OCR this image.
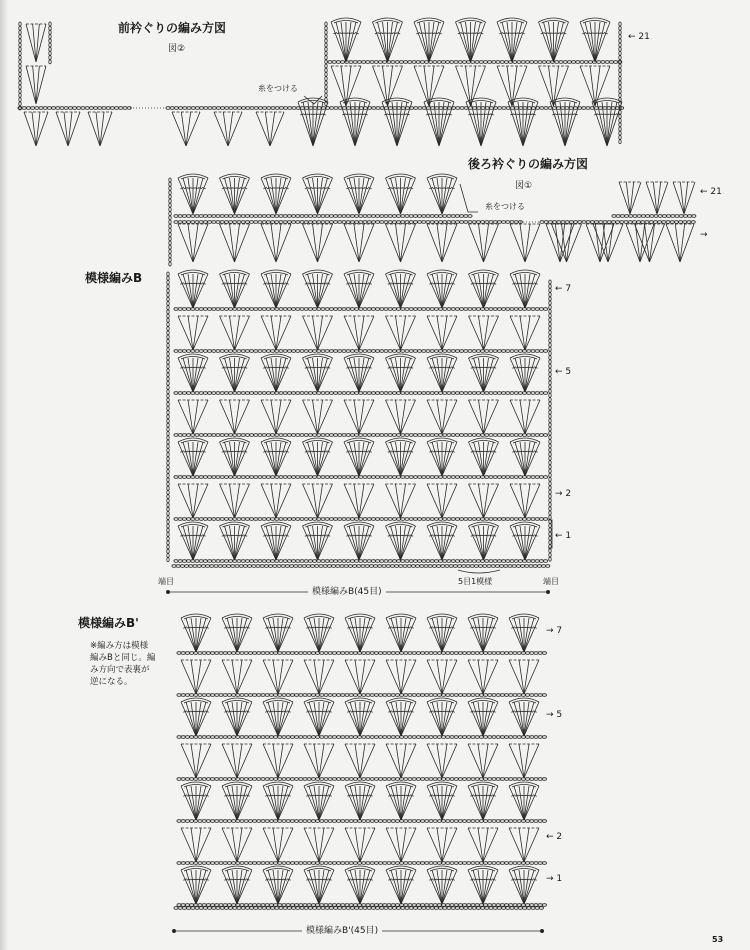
前衿ぐりの編み方図
図②
糸をつける
← 21
後ろ衿ぐりの編み方図
図①
糸をつける
← 21
→
模様編みB
← 7
← 5
→ 2
← 1
端目	5目1模様	端目
模様編みB(45目)
模様編みB'
※編み方は模様編みBと同じ。編み方向で表裏が逆になる。
→ 7
→ 5
← 2
→ 1
模様編みB'(45目)
53
